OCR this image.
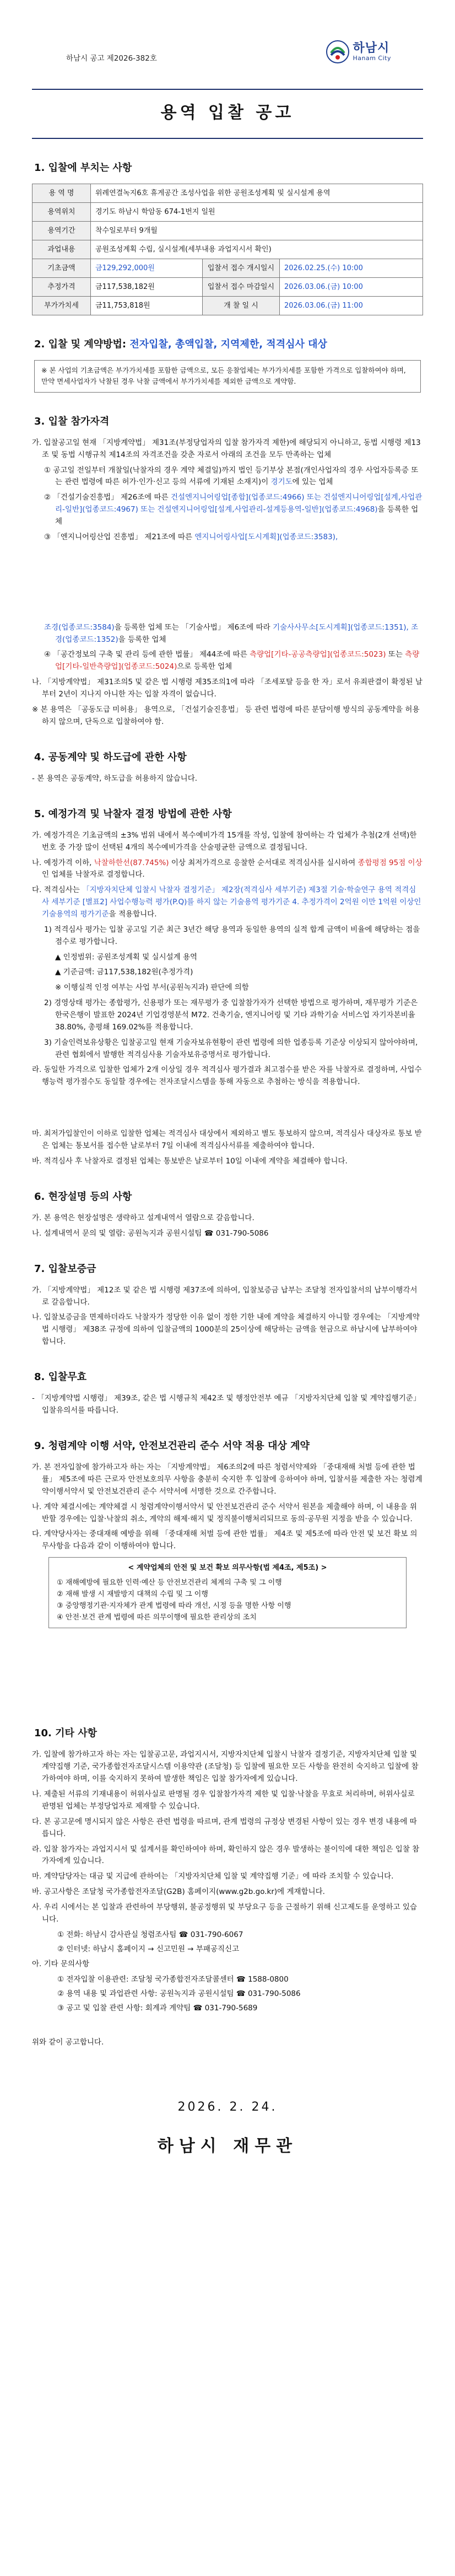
하남시 공고 제2026-382호
하남시
Hanam City
용역 입찰 공고
1. 입찰에 부치는 사항
용 역 명	위례연결녹지6호 휴게공간 조성사업을 위한 공원조성계획 및 실시설계 용역		
용역위치	경기도 하남시 학암동 674-1번지 일원		
용역기간	착수일로부터 9개월		
과업내용	공원조성계획 수립, 실시설계(세부내용 과업지시서 확인)		
기초금액	금129,292,000원	입찰서 접수 개시일시	2026.02.25.(수) 10:00
추정가격	금117,538,182원	입찰서 접수 마감일시	2026.03.06.(금) 10:00
부가가치세	금11,753,818원	개 찰 일 시	2026.03.06.(금) 11:00
2. 입찰 및 계약방법: 전자입찰, 총액입찰, 지역제한, 적격심사 대상
※ 본 사업의 기초금액은 부가가치세를 포함한 금액으로, 모든 응찰업체는 부가가치세를 포함한 가격으로 입찰하여야 하며, 만약 면세사업자가 낙찰된 경우 낙찰 금액에서 부가가치세를 제외한 금액으로 계약함.
3. 입찰 참가자격

가. 입찰공고일 현재 「지방계약법」 제31조(부정당업자의 입찰 참가자격 제한)에 해당되지 아니하고, 동법 시행령 제13조 및 동법 시행규칙 제14조의 자격조건을 갖춘 자로서 아래의 조건을 모두 만족하는 업체

① 공고일 전일부터 개찰일(낙찰자의 경우 계약 체결일)까지 법인 등기부상 본점(개인사업자의 경우 사업자등록증 또는 관련 법령에 따른 허가·인가·신고 등의 서류에 기재된 소재지)이 경기도에 있는 업체

② 「건설기술진흥법」 제26조에 따른 건설엔지니어링업[종합](업종코드:4966) 또는 건설엔지니어링업[설계,사업관리-일반](업종코드:4967) 또는 건설엔지니어링업[설계,사업관리-설계등용역-일반](업종코드:4968)을 등록한 업체

③ 「엔지니어링산업 진흥법」 제21조에 따른 엔지니어링사업[도시계획](업종코드:3583),

조경(업종코드:3584)을 등록한 업체 또는 「기술사법」 제6조에 따라 기술사사무소[도시계획](업종코드:1351), 조경(업종코드:1352)을 등록한 업체

④ 「공간정보의 구축 및 관리 등에 관한 법률」 제44조에 따른 측량업[기타-공공측량업](업종코드:5023) 또는 측량업[기타-일반측량업](업종코드:5024)으로 등록한 업체

나. 「지방계약법」 제31조의5 및 같은 법 시행령 제35조의1에 따라 「조세포탈 등을 한 자」로서 유죄판결이 확정된 날부터 2년이 지나지 아니한 자는 입찰 자격이 없습니다.

※ 본 용역은 「공동도급 미허용」 용역으로, 「건설기술진흥법」 등 관련 법령에 따른 분담이행 방식의 공동계약을 허용하지 않으며, 단독으로 입찰하여야 함.

4. 공동계약 및 하도급에 관한 사항

- 본 용역은 공동계약, 하도급을 허용하지 않습니다.

5. 예정가격 및 낙찰자 결정 방법에 관한 사항

가. 예정가격은 기초금액의 ±3% 범위 내에서 복수예비가격 15개를 작성, 입찰에 참여하는 각 업체가 추첨(2개 선택)한 번호 중 가장 많이 선택된 4개의 복수예비가격을 산술평균한 금액으로 결정됩니다.

나. 예정가격 이하, 낙찰하한선(87.745%) 이상 최저가격으로 응찰한 순서대로 적격심사를 실시하여 종합평점 95점 이상인 업체를 낙찰자로 결정합니다.

다. 적격심사는 「지방자치단체 입찰시 낙찰자 결정기준」 제2장(적격심사 세부기준) 제3절 기술·학술연구 용역 적격심사 세부기준 [별표2] 사업수행능력 평가(P.Q)를 하지 않는 기술용역 평가기준 4. 추정가격이 2억원 이만 1억원 이상인 기술용역의 평가기준을 적용합니다.

1) 적격심사 평가는 입찰 공고일 기준 최근 3년간 해당 용역과 동일한 용역의 실적 합계 금액이 비율에 해당하는 점을 점수로 평가합니다.

▲ 인정범위: 공원조성계획 및 실시설계 용역

▲ 기준금액: 금117,538,182원(추정가격)

※ 이행실적 인정 여부는 사업 부서(공원녹지과) 판단에 의함

2) 경영상태 평가는 종합평가, 신용평가 또는 재무평가 중 입찰참가자가 선택한 방법으로 평가하며, 재무평가 기준은 한국은행이 발표한 2024년 기업경영분석 M72. 건축기술, 엔지니어링 및 기타 과학기술 서비스업 자기자본비율 38.80%, 총평쇄 169.02%를 적용합니다.

3) 기술인력보유상황은 입찰공고일 현재 기술자보유현황이 관련 법령에 의한 업종등록 기준상 이상되지 않아야하며, 관련 협회에서 발행한 적격심사용 기술자보유증명서로 평가합니다.

라. 동일한 가격으로 입찰한 업체가 2개 이상일 경우 적격심사 평가결과 최고점수를 받은 자를 낙찰자로 결정하며, 사업수행능력 평가점수도 동일할 경우에는 전자조달시스템을 통해 자동으로 추첨하는 방식을 적용합니다.

마. 최저가입찰인이 이하로 입찰한 업체는 적격심사 대상에서 제외하고 별도 통보하지 않으며, 적격심사 대상자로 통보 받은 업체는 통보서를 접수한 날로부터 7일 이내에 적격심사서류를 제출하여야 합니다.

바. 적격심사 후 낙찰자로 결정된 업체는 통보받은 날로부터 10일 이내에 계약을 체결해야 합니다.

6. 현장설명 등의 사항

가. 본 용역은 현장설명은 생략하고 설계내역서 열람으로 갈음합니다.

나. 설계내역서 문의 및 열람: 공원녹지과 공원시설팀 ☎ 031-790-5086

7. 입찰보증금

가. 「지방계약법」 제12조 및 같은 법 시행령 제37조에 의하여, 입찰보증금 납부는 조달청 전자입찰서의 납부이행각서로 갈음합니다.

나. 입찰보증금을 면제하더라도 낙찰자가 정당한 이유 없이 정한 기한 내에 계약을 체결하지 아니할 경우에는 「지방계약법 시행령」 제38조 규정에 의하여 입찰금액의 1000분의 25이상에 해당하는 금액을 현금으로 하남시에 납부하여야 합니다.

8. 입찰무효

- 「지방계약법 시행령」 제39조, 같은 법 시행규칙 제42조 및 행정안전부 예규 「지방자치단체 입찰 및 계약집행기준」 입찰유의서를 따릅니다.

9. 청렴계약 이행 서약, 안전보건관리 준수 서약 적용 대상 계약

가. 본 전자입찰에 참가하고자 하는 자는 「지방계약법」 제6조의2에 따른 청렴서약제와 「중대재해 처벌 등에 관한 법률」 제5조에 따른 근로자 안전보호의무 사항을 충분히 숙지한 후 입찰에 응하여야 하며, 입찰서를 제출한 자는 청렴계약이행서약서 및 안전보건관리 준수 서약서에 서명한 것으로 간주합니다.

나. 계약 체결시에는 계약체결 시 청렴계약이행서약서 및 안전보건관리 준수 서약서 원본을 제출해야 하며, 이 내용을 위반할 경우에는 입찰·낙찰의 취소, 계약의 해제·해지 및 정직불이행처리되므로 동의·공무원 지정을 받을 수 있습니다.

다. 계약당사자는 중대재해 예방을 위해 「중대재해 처벌 등에 관한 법률」 제4조 및 제5조에 따라 안전 및 보건 확보 의무사항을 다음과 같이 이행하여야 합니다.

< 계약업체의 안전 및 보건 확보 의무사항(법 제4조, 제5조) >

① 재해예방에 필요한 인력·예산 등 안전보건관리 체계의 구축 및 그 이행

② 재해 발생 시 재발방지 대책의 수립 및 그 이행

③ 중앙행정기관·지자체가 관계 법령에 따라 개선, 시정 등을 명한 사항 이행

④ 안전·보건 관계 법령에 따른 의무이행에 필요한 관리상의 조치

10. 기타 사항

가. 입찰에 참가하고자 하는 자는 입찰공고문, 과업지시서, 지방자치단체 입찰시 낙찰자 결정기준, 지방자치단체 입찰 및 계약집행 기준, 국가종합전자조달시스템 이용약관 (조달청) 등 입찰에 필요한 모든 사항을 완전히 숙지하고 입찰에 참가하여야 하며, 이를 숙지하지 못하여 발생한 책임은 입찰 참가자에게 있습니다.

나. 제출된 서류의 기재내용이 허위사실로 판명될 경우 입찰참가자격 제한 및 입찰·낙찰을 무효로 처리하며, 허위사실로 판명된 업체는 부정당업자로 제재할 수 있습니다.

다. 본 공고문에 명시되지 않은 사항은 관련 법령을 따르며, 관계 법령의 규정상 변경된 사항이 있는 경우 변경 내용에 따릅니다.

라. 입찰 참가자는 과업지시서 및 설계서를 확인하여야 하며, 확인하지 않은 경우 발생하는 불이익에 대한 책임은 입찰 참가자에게 있습니다.

마. 계약담당자는 대금 및 지급에 관하여는 「지방자치단체 입찰 및 계약집행 기준」에 따라 조치할 수 있습니다.

바. 공고사항은 조달청 국가종합전자조달(G2B) 홈페이지(www.g2b.go.kr)에 게재합니다.

사. 우리 시에서는 본 입찰과 관련하여 부당행위, 불공정행위 및 부당요구 등을 근절하기 위해 신고제도를 운영하고 있습니다.

① 전화: 하남시 감사관실 청렴조사팀 ☎ 031-790-6067

② 인터넷: 하남시 홈페이지 → 신고민원 → 부패공직신고

아. 기타 문의사항

① 전자입찰 이용관련: 조달청 국가종합전자조달콜센터 ☎ 1588-0800

② 용역 내용 및 과업관련 사항: 공원녹지과 공원시설팀 ☎ 031-790-5086

③ 공고 및 입찰 관련 사항: 회계과 계약팀 ☎ 031-790-5689

위와 같이 공고합니다.

2026. 2. 24.
하남시 재무관
